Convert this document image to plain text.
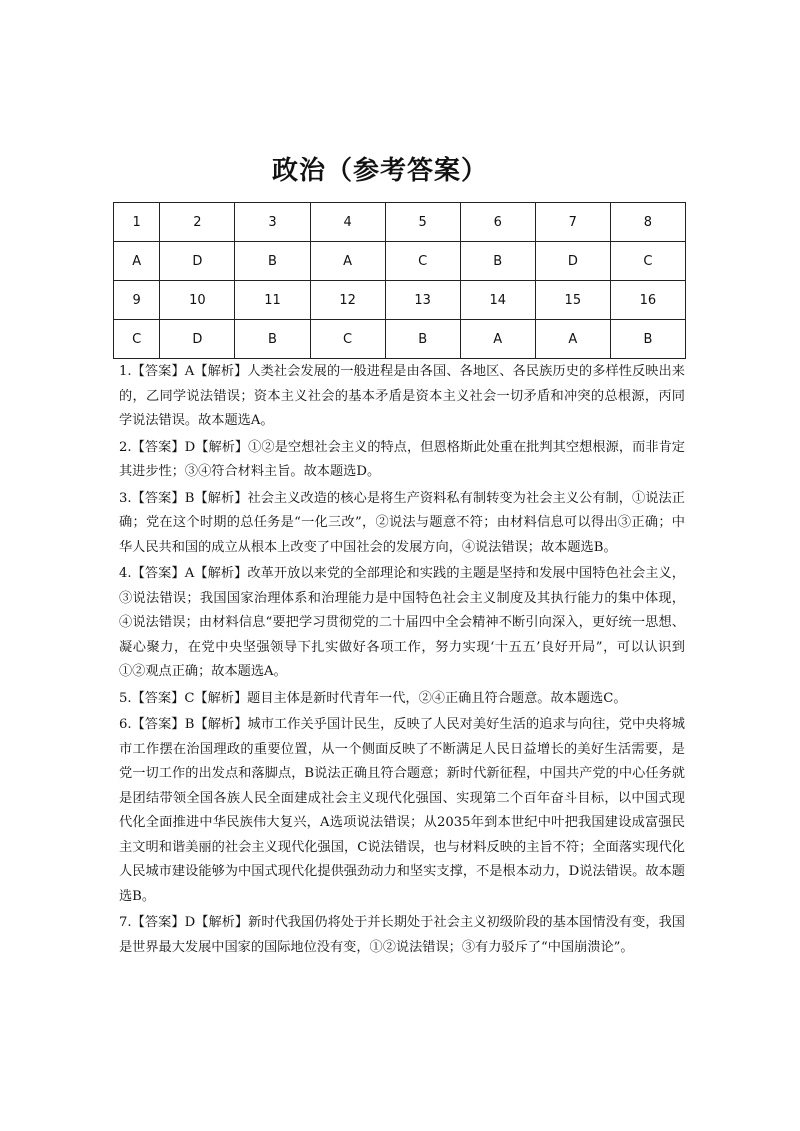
政治（参考答案）
1	2	3	4	5	6	7	8
A	D	B	A	C	B	D	C
9	10	11	12	13	14	15	16
C	D	B	C	B	A	A	B

1.【答案】A【解析】人类社会发展的一般进程是由各国、各地区、各民族历史的多样性反映出来的，乙同学说法错误；资本主义社会的基本矛盾是资本主义社会一切矛盾和冲突的总根源，丙同学说法错误。故本题选A。

2.【答案】D【解析】①②是空想社会主义的特点，但恩格斯此处重在批判其空想根源，而非肯定其进步性；③④符合材料主旨。故本题选D。

3.【答案】B【解析】社会主义改造的核心是将生产资料私有制转变为社会主义公有制，①说法正确；党在这个时期的总任务是“一化三改”，②说法与题意不符；由材料信息可以得出③正确；中华人民共和国的成立从根本上改变了中国社会的发展方向，④说法错误；故本题选B。

4.【答案】A【解析】改革开放以来党的全部理论和实践的主题是坚持和发展中国特色社会主义，③说法错误；我国国家治理体系和治理能力是中国特色社会主义制度及其执行能力的集中体现，④说法错误；由材料信息“要把学习贯彻党的二十届四中全会精神不断引向深入，更好统一思想、凝心聚力，在党中央坚强领导下扎实做好各项工作，努力实现‘十五五’良好开局”，可以认识到①②观点正确；故本题选A。

5.【答案】C【解析】题目主体是新时代青年一代，②④正确且符合题意。故本题选C。

6.【答案】B【解析】城市工作关乎国计民生，反映了人民对美好生活的追求与向往，党中央将城市工作摆在治国理政的重要位置，从一个侧面反映了不断满足人民日益增长的美好生活需要，是党一切工作的出发点和落脚点，B说法正确且符合题意；新时代新征程，中国共产党的中心任务就是团结带领全国各族人民全面建成社会主义现代化强国、实现第二个百年奋斗目标，以中国式现代化全面推进中华民族伟大复兴，A选项说法错误；从2035年到本世纪中叶把我国建设成富强民主文明和谐美丽的社会主义现代化强国，C说法错误，也与材料反映的主旨不符；全面落实现代化人民城市建设能够为中国式现代化提供强劲动力和坚实支撑，不是根本动力，D说法错误。故本题选B。

7.【答案】D【解析】新时代我国仍将处于并长期处于社会主义初级阶段的基本国情没有变，我国是世界最大发展中国家的国际地位没有变，①②说法错误；③有力驳斥了“中国崩溃论”。
